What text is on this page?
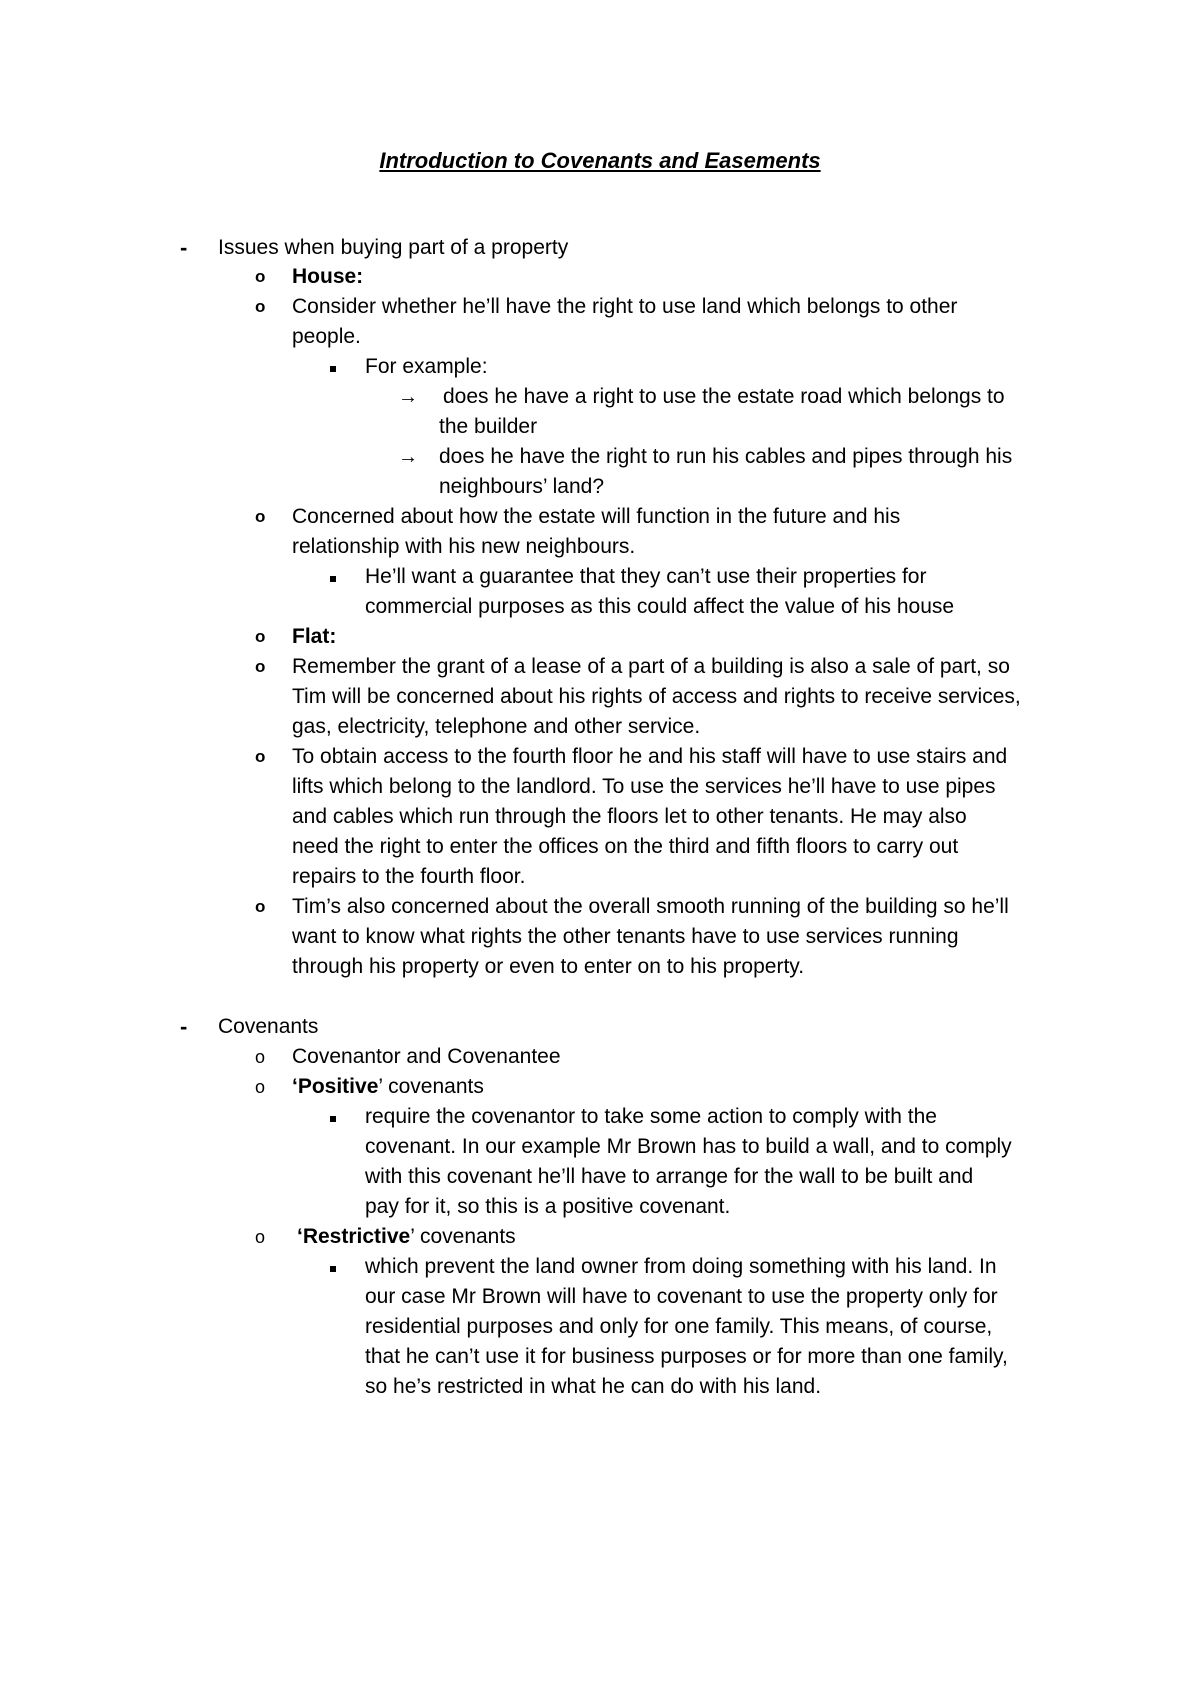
Introduction to Covenants and Easements
- Issues when buying part of a property
o House:
o Consider whether he’ll have the right to use land which belongs to other
people.
For example:
→ does he have a right to use the estate road which belongs to
the builder
→ does he have the right to run his cables and pipes through his
neighbours’ land?
o Concerned about how the estate will function in the future and his
relationship with his new neighbours.
He’ll want a guarantee that they can’t use their properties for
commercial purposes as this could affect the value of his house
o Flat:
o Remember the grant of a lease of a part of a building is also a sale of part, so
Tim will be concerned about his rights of access and rights to receive services,
gas, electricity, telephone and other service.
o To obtain access to the fourth floor he and his staff will have to use stairs and
lifts which belong to the landlord. To use the services he’ll have to use pipes
and cables which run through the floors let to other tenants. He may also
need the right to enter the offices on the third and fifth floors to carry out
repairs to the fourth floor.
o Tim’s also concerned about the overall smooth running of the building so he’ll
want to know what rights the other tenants have to use services running
through his property or even to enter on to his property.
- Covenants
o Covenantor and Covenantee
o ‘Positive’ covenants
require the covenantor to take some action to comply with the
covenant. In our example Mr Brown has to build a wall, and to comply
with this covenant he’ll have to arrange for the wall to be built and
pay for it, so this is a positive covenant.
o ‘Restrictive’ covenants
which prevent the land owner from doing something with his land. In
our case Mr Brown will have to covenant to use the property only for
residential purposes and only for one family. This means, of course,
that he can’t use it for business purposes or for more than one family,
so he’s restricted in what he can do with his land.
